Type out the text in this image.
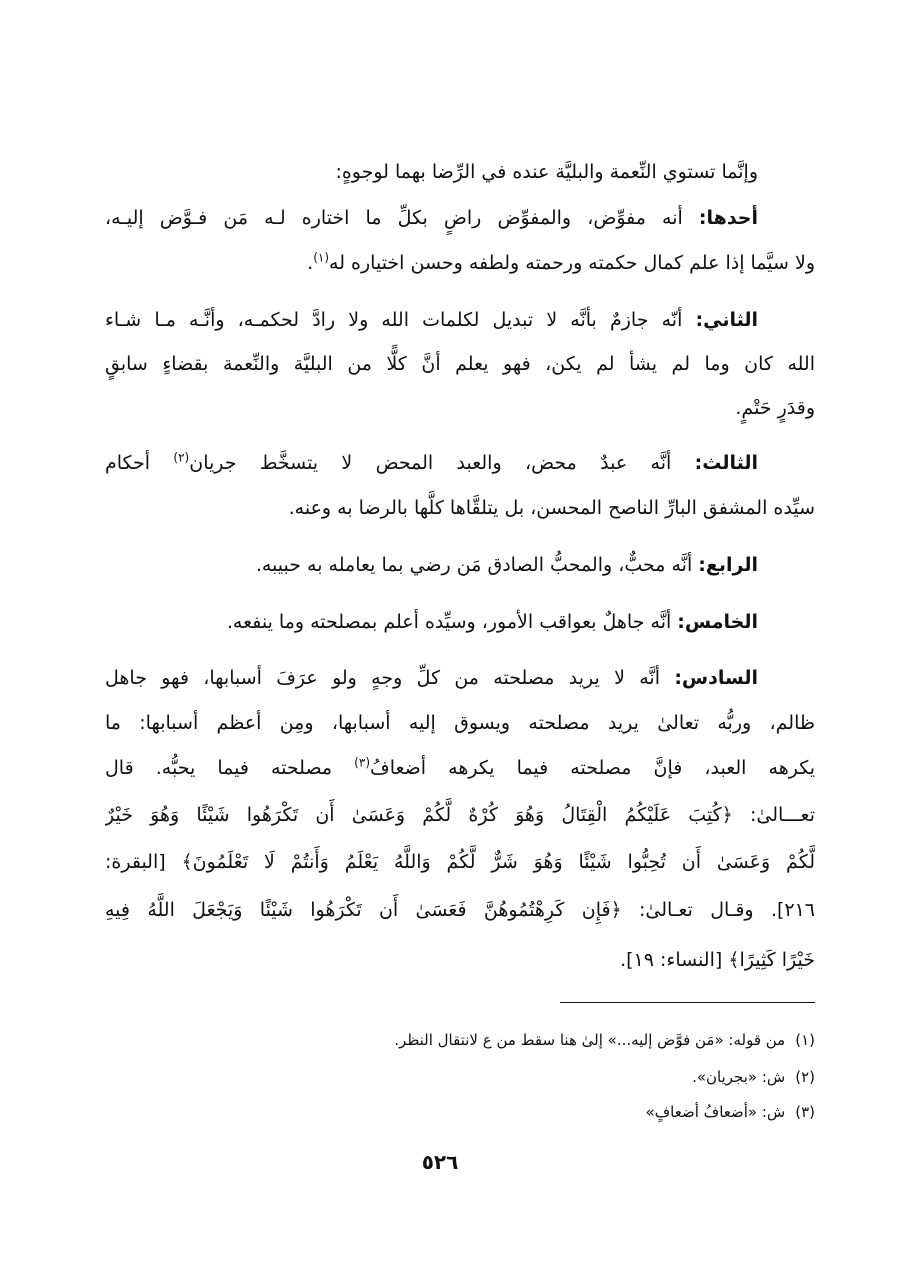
وإنَّما تستوي النِّعمة والبليَّة عنده في الرِّضا بهما لوجوهٍ:
أحدها: أنه مفوِّض، والمفوِّض راضٍ بكلِّ ما اختاره لـه مَن فـوَّض إليـه،
ولا سيَّما إذا علم كمال حكمته ورحمته ولطفه وحسن اختياره له$^{(١)}$.
الثاني: أنّه جازمٌ بأنَّه لا تبديل لكلمات الله ولا رادَّ لحكمـه، وأنَّـه مـا شـاء
الله كان وما لم يشأ لم يكن، فهو يعلم أنَّ كلًّا من البليَّة والنِّعمة بقضاءٍ سابقٍ
وقدَرٍ حَتْمٍ.
الثالث: أنَّه عبدٌ محض، والعبد المحض لا يتسخَّط جريان$^{(٢)}$ أحكام
سيِّده المشفق البارِّ الناصح المحسن، بل يتلقَّاها كلَّها بالرضا به وعنه.
الرابع: أنَّه محبٌّ، والمحبُّ الصادق مَن رضي بما يعامله به حبيبه.
الخامس: أنَّه جاهلٌ بعواقب الأمور، وسيِّده أعلم بمصلحته وما ينفعه.
السادس: أنَّه لا يريد مصلحته من كلِّ وجهٍ ولو عرَفَ أسبابها، فهو جاهل
ظالم، وربُّه تعالىٰ يريد مصلحته ويسوق إليه أسبابها، ومِن أعظم أسبابها: ما
يكرهه العبد، فإنَّ مصلحته فيما يكرهه أضعافُ$^{(٣)}$ مصلحته فيما يحبُّه. قال
تعـــالىٰ: ﴿كُتِبَ عَلَيْكُمُ الْقِتَالُ وَهُوَ كُرْهٌ لَّكُمْ وَعَسَىٰ أَن تَكْرَهُوا شَيْئًا وَهُوَ خَيْرٌ
لَّكُمْ وَعَسَىٰ أَن تُحِبُّوا شَيْئًا وَهُوَ شَرٌّ لَّكُمْ وَاللَّهُ يَعْلَمُ وَأَنتُمْ لَا تَعْلَمُونَ﴾ [البقرة:
٢١٦]. وقـال تعـالىٰ: ﴿فَإِن كَرِهْتُمُوهُنَّ فَعَسَىٰ أَن تَكْرَهُوا شَيْئًا وَيَجْعَلَ اللَّهُ فِيهِ
خَيْرًا كَثِيرًا﴾ [النساء: ١٩].
(١)من قوله: «مَن فوَّض إليه...» إلىٰ هنا سقط من ع لانتقال النظر.
(٢)ش: «بجريان».
(٣)ش: «أضعافُ أضعافٍ»
٥٢٦
